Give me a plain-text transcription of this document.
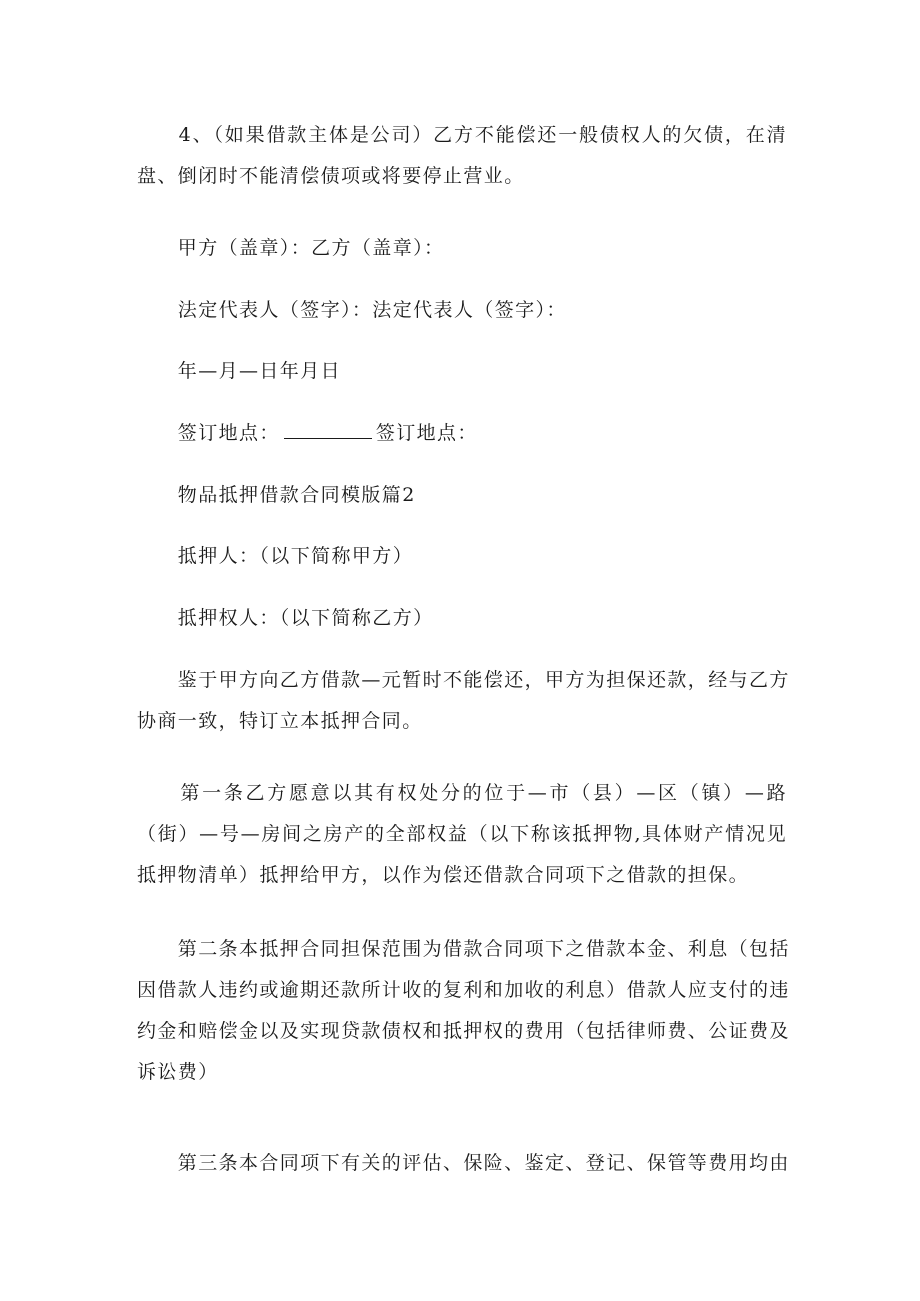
　　4、（如果借款主体是公司）乙方不能偿还一般债权人的欠债，在清
盘、倒闭时不能清偿债项或将要停止营业。

　　甲方（盖章）：乙方（盖章）：

　　法定代表人（签字）：法定代表人（签字）：

　　年—月—日年月日

　　签订地点：	签订地点：

　　物品抵押借款合同模版篇2

　　抵押人：（以下简称甲方）

　　抵押权人：（以下简称乙方）

　　鉴于甲方向乙方借款—元暂时不能偿还，甲方为担保还款，经与乙方
协商一致，特订立本抵押合同。

　　第一条乙方愿意以其有权处分的位于—市（县）—区（镇）—路
（街）—号—房间之房产的全部权益（以下称该抵押物,具体财产情况见
抵押物清单）抵押给甲方，以作为偿还借款合同项下之借款的担保。

　　第二条本抵押合同担保范围为借款合同项下之借款本金、利息（包括
因借款人违约或逾期还款所计收的复利和加收的利息）借款人应支付的违
约金和赔偿金以及实现贷款债权和抵押权的费用（包括律师费、公证费及
诉讼费）

　　第三条本合同项下有关的评估、保险、鉴定、登记、保管等费用均由
